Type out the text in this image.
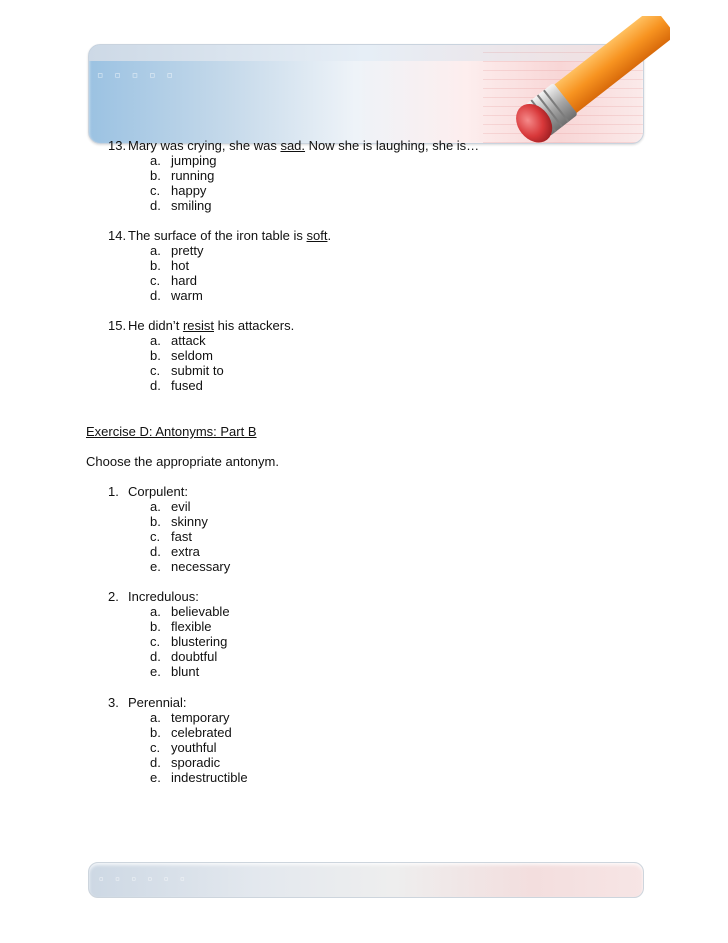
▫ ▫ ▫ ▫ ▫
13. Mary was crying, she was sad. Now she is laughing, she is…
a. jumping
b. running
c. happy
d. smiling
14. The surface of the iron table is soft.
a. pretty
b. hot
c. hard
d. warm
15. He didn’t resist his attackers.
a. attack
b. seldom
c. submit to
d. fused
Exercise D: Antonyms: Part B
Choose the appropriate antonym.
1. Corpulent:
a. evil
b. skinny
c. fast
d. extra
e. necessary
2. Incredulous:
a. believable
b. flexible
c. blustering
d. doubtful
e. blunt
3. Perennial:
a. temporary
b. celebrated
c. youthful
d. sporadic
e. indestructible
▫ ▫ ▫ ▫ ▫ ▫
